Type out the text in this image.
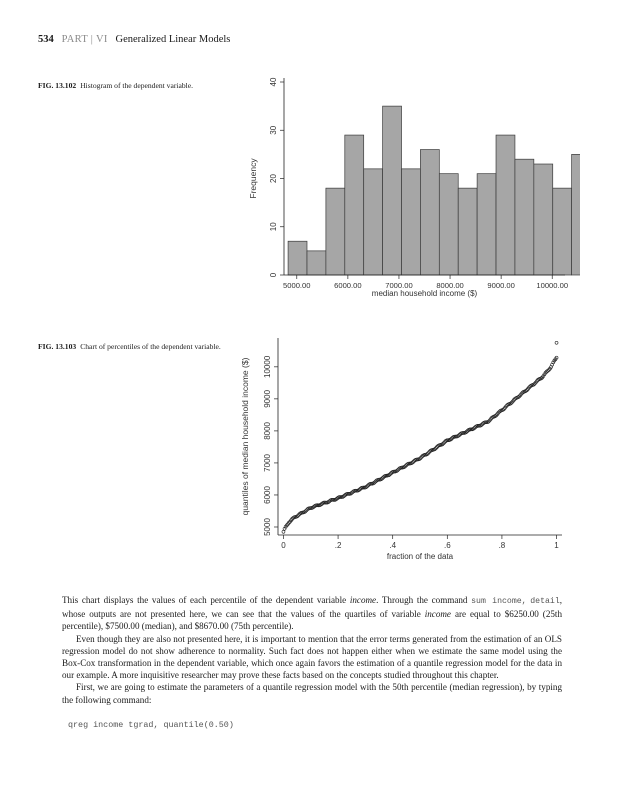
534 PART | VI Generalized Linear Models
FIG. 13.102 Histogram of the dependent variable.
0
10
20
30
40
5000.00	6000.00	7000.00	8000.00	9000.00	10000.00
Frequency
median household income ($)
FIG. 13.103 Chart of percentiles of the dependent variable.
5000
6000
7000
8000
9000
10000
0	.2	.4	.6	.8	1
quantiles of median household income ($)
fraction of the data

This chart displays the values of each percentile of the dependent variable income. Through the command sum income, detail, whose outputs are not presented here, we can see that the values of the quartiles of variable income are equal to $6250.00 (25th percentile), $7500.00 (median), and $8670.00 (75th percentile).

Even though they are also not presented here, it is important to mention that the error terms generated from the estimation of an OLS regression model do not show adherence to normality. Such fact does not happen either when we estimate the same model using the Box-Cox transformation in the dependent variable, which once again favors the estimation of a quantile regression model for the data in our example. A more inquisitive researcher may prove these facts based on the concepts studied throughout this chapter.

First, we are going to estimate the parameters of a quantile regression model with the 50th percentile (median regression), by typing the following command:

qreg income tgrad, quantile(0.50)
